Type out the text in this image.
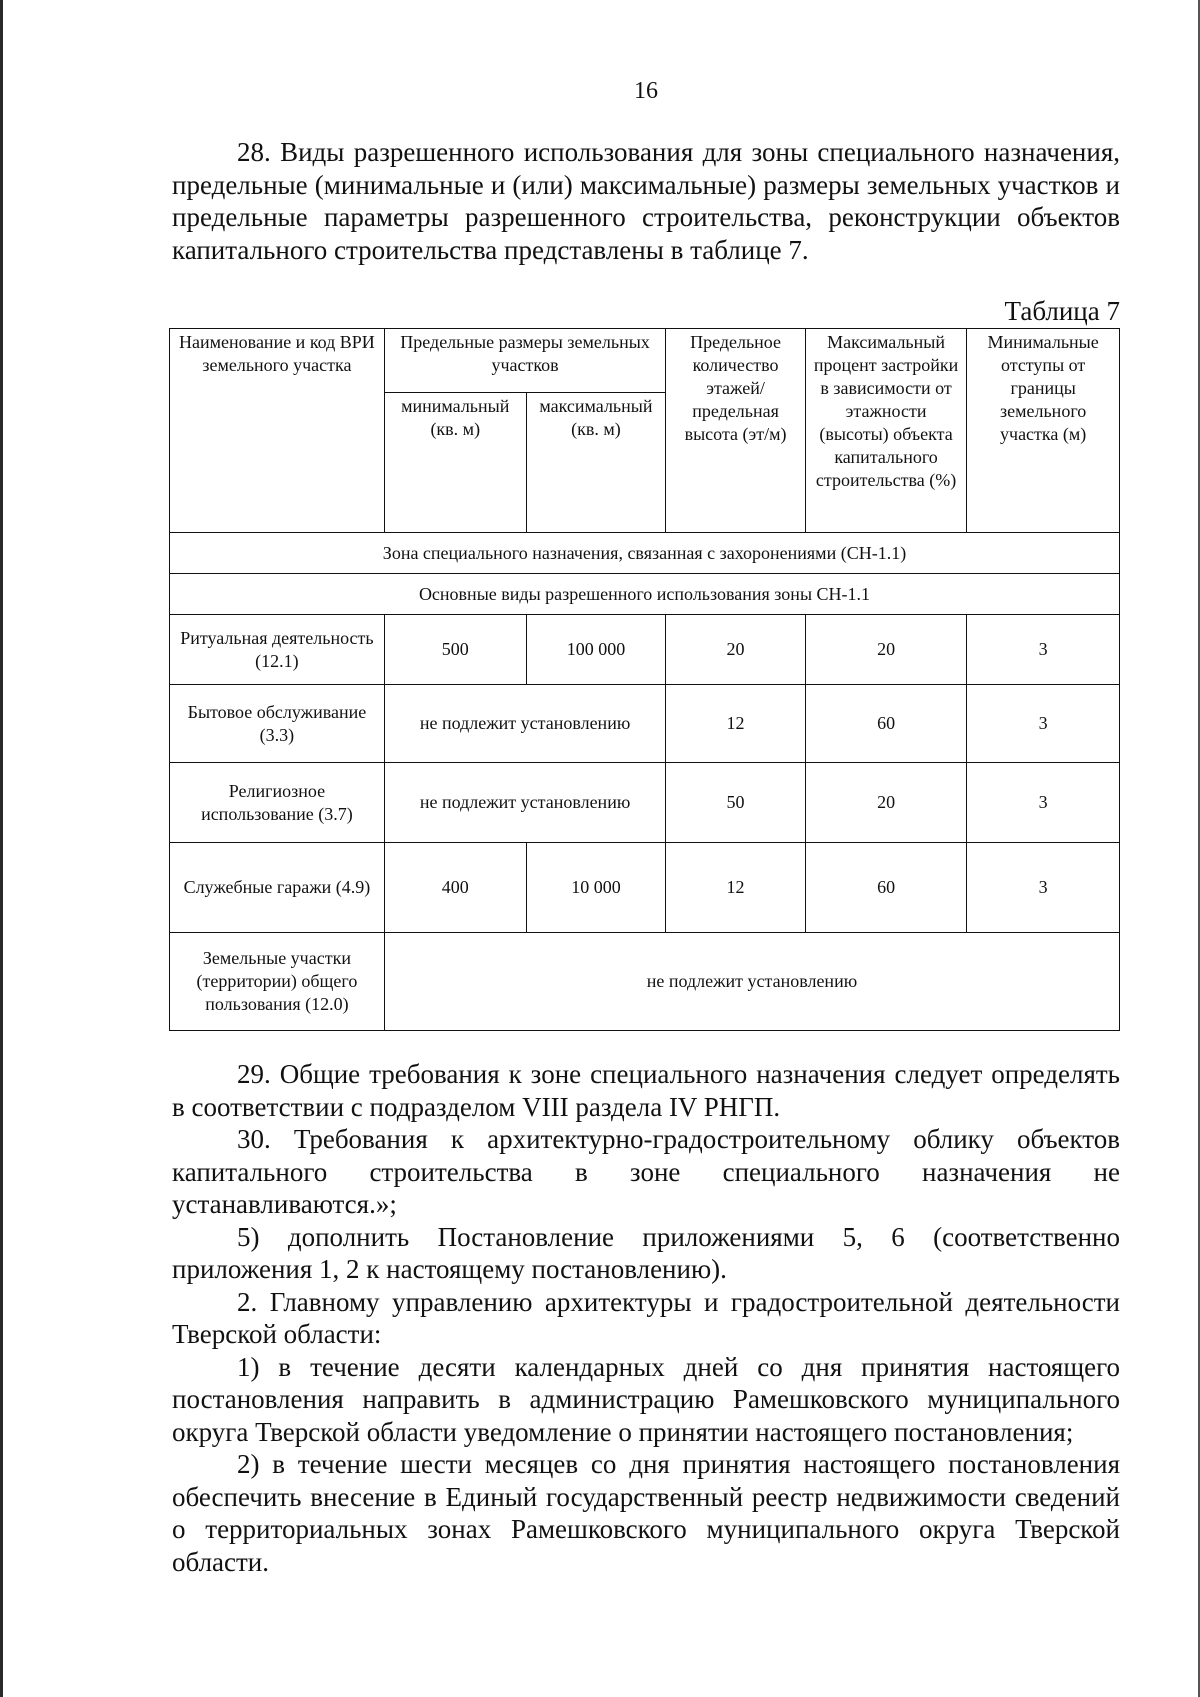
16

28. Виды разрешенного использования для зоны специального назначения, предельные (минимальные и (или) максимальные) размеры земельных участков и предельные параметры разрешенного строительства, реконструкции объектов капитального строительства представлены в таблице 7.

Таблица 7
Наименование и код ВРИ земельного участка	Предельные размеры земельных участков		Предельное количество этажей/ предельная высота (эт/м)	Максимальный процент застройки в зависимости от этажности (высоты) объекта капитального строительства (%)	Минимальные отступы от границы земельного участка (м)
	минимальный (кв. м)	максимальный (кв. м)			
Зона специального назначения, связанная с захоронениями (СН-1.1)					
Основные виды разрешенного использования зоны СН-1.1					
Ритуальная деятельность (12.1)	500	100 000	20	20	3
Бытовое обслуживание (3.3)	не подлежит установлению		12	60	3
Религиозное использование (3.7)	не подлежит установлению		50	20	3
Служебные гаражи (4.9)	400	10 000	12	60	3
Земельные участки (территории) общего пользования (12.0)	не подлежит установлению				

29. Общие требования к зоне специального назначения следует определять в соответствии с подразделом VIII раздела IV РНГП.

30. Требования к архитектурно-градостроительному облику объектов капитального строительства в зоне специального назначения не устанавливаются.»;

5) дополнить Постановление приложениями 5, 6 (соответственно приложения 1, 2 к настоящему постановлению).

2. Главному управлению архитектуры и градостроительной деятельности Тверской области:

1) в течение десяти календарных дней со дня принятия настоящего постановления направить в администрацию Рамешковского муниципального округа Тверской области уведомление о принятии настоящего постановления;

2) в течение шести месяцев со дня принятия настоящего постановления обеспечить внесение в Единый государственный реестр недвижимости сведений о территориальных зонах Рамешковского муниципального округа Тверской области.
